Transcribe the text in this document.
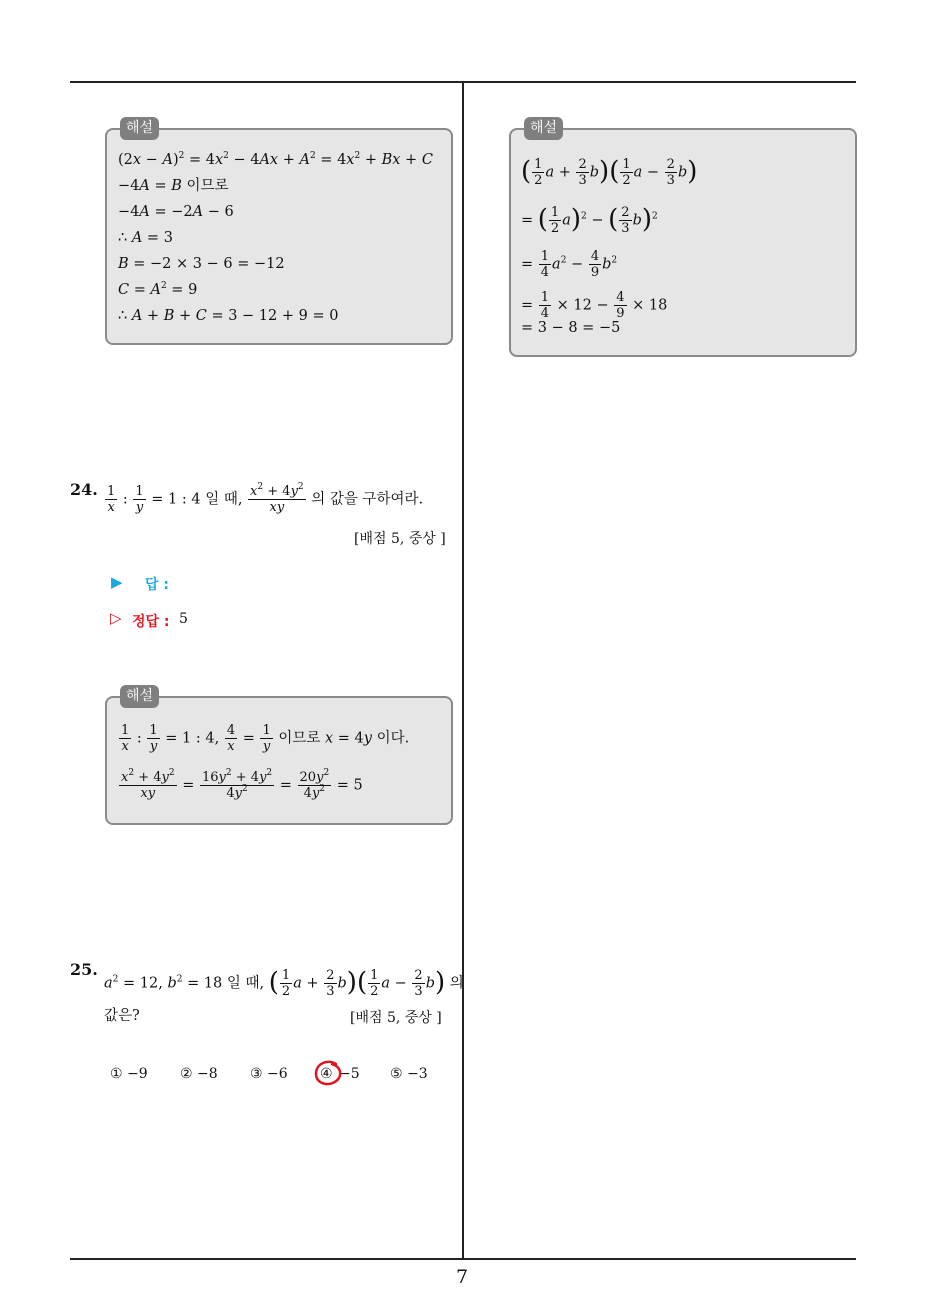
7
해설
$(2x - A)^2 = 4x^2 - 4Ax + A^2 = 4x^2 + Bx + C$
−4A = B 이므로
−4A = −2A − 6
∴ A = 3
B = −2 × 3 − 6 = −12
$C = A^2 = 9$
∴ A + B + C = 3 − 12 + 9 = 0
해설
( $\frac{1}{2}$ $a + \frac{2}{3} b)( \frac{1}{2}$ $a - \frac{2}{3} b$)
= ( $\frac{1}{2} a)^2$ − ( $\frac{2}{3} b)^2$
= $\frac{1}{4} a^2 - \frac{4}{9} b^2$
= $\frac{1}{4} \times 12 - \frac{4}{9} \times 18$
= 3 − 8 = −5
24. $\frac{1}{x}$ : $\frac{1}{y} = 1$ : 4 일 때, $\frac{x^2 + 4y^2}{xy}$ 의 값을 구하여라.
[배점 5, 중상 ]
▶ 답 :
▷ 정답 : 5
해설
$\frac{1}{x}$ : $\frac{1}{y} = 1$ : 4, $\frac{4}{x} = \frac{1}{y}$ 이므로 x = 4y 이다.
$\frac{x^2 + 4y^2}{xy} = \frac{16y^2 + 4y^2}{4y^2} = \frac{20y^2}{4y^2} = 5$
25.
$a^2 = 12$, $b^2 = 18$ 일 때, ( $\frac{1}{2}$ $a + \frac{2}{3} b)( \frac{1}{2}$ $a - \frac{2}{3} b$) 의
값은?	[배점 5, 중상 ]
① −9 ② −8 ③ −6 ④ −5 ⑤ −3
